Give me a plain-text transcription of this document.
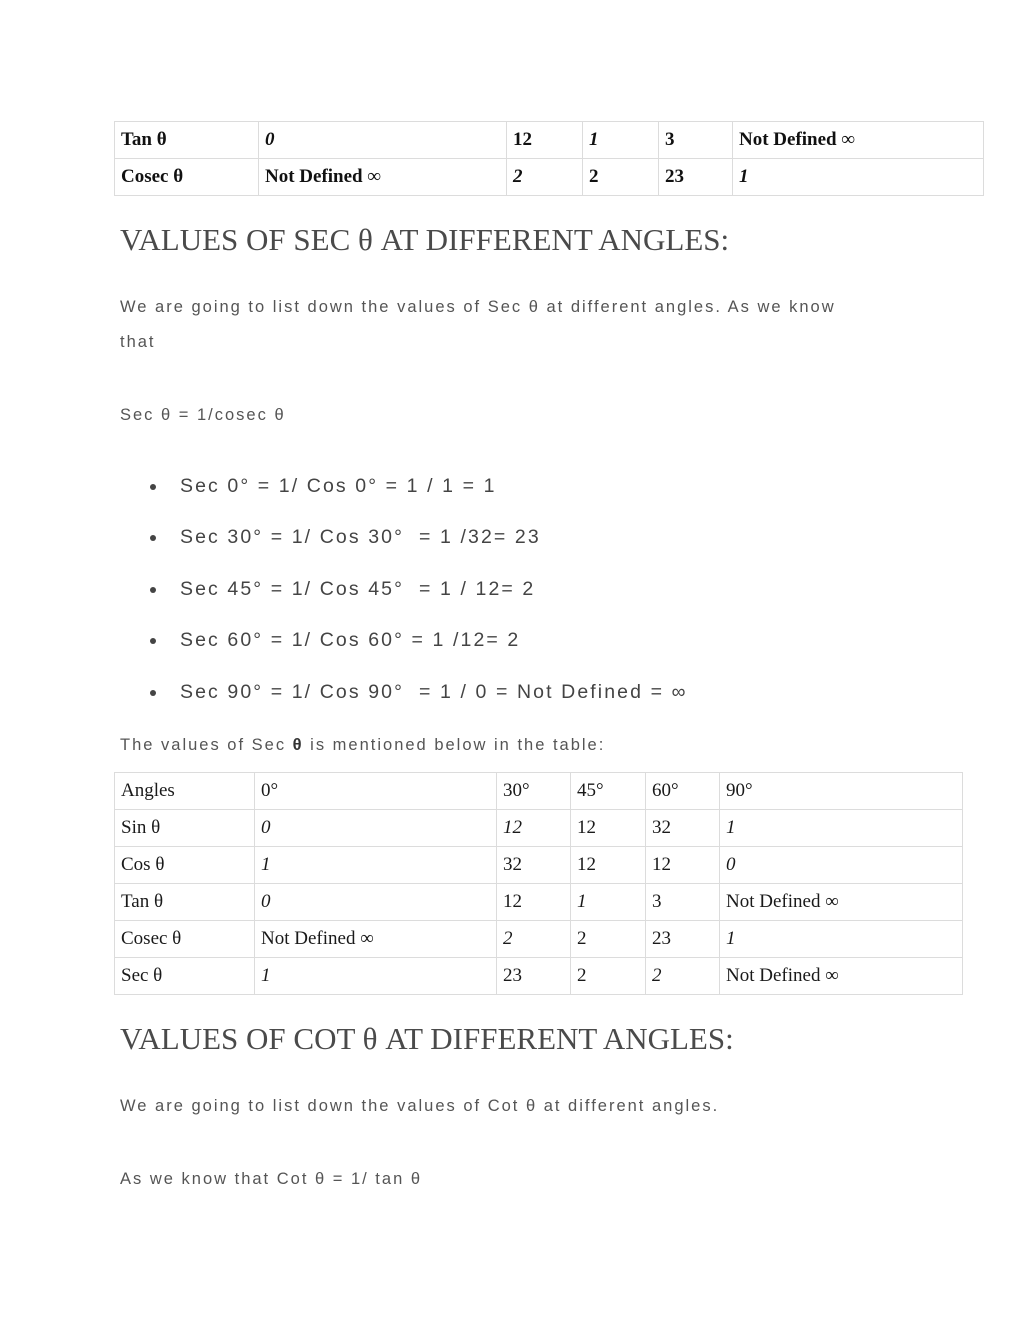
Tan θ	0	12	1	3	Not Defined ∞
Cosec θ	Not Defined ∞	2	2	23	1
VALUES OF SEC θ AT DIFFERENT ANGLES:
We are going to list down the values of Sec θ at different angles. As we know
that
Sec θ = 1/cosec θ
Sec 0° = 1/ Cos 0° = 1 / 1 = 1
Sec 30° = 1/ Cos 30°  = 1 /32= 23
Sec 45° = 1/ Cos 45°  = 1 / 12= 2
Sec 60° = 1/ Cos 60° = 1 /12= 2
Sec 90° = 1/ Cos 90°  = 1 / 0 = Not Defined = ∞
The values of Sec θ is mentioned below in the table:
Angles	0°	30°	45°	60°	90°
Sin θ	0	12	12	32	1
Cos θ	1	32	12	12	0
Tan θ	0	12	1	3	Not Defined ∞
Cosec θ	Not Defined ∞	2	2	23	1
Sec θ	1	23	2	2	Not Defined ∞
VALUES OF COT θ AT DIFFERENT ANGLES:
We are going to list down the values of Cot θ at different angles.
As we know that Cot θ = 1/ tan θ
